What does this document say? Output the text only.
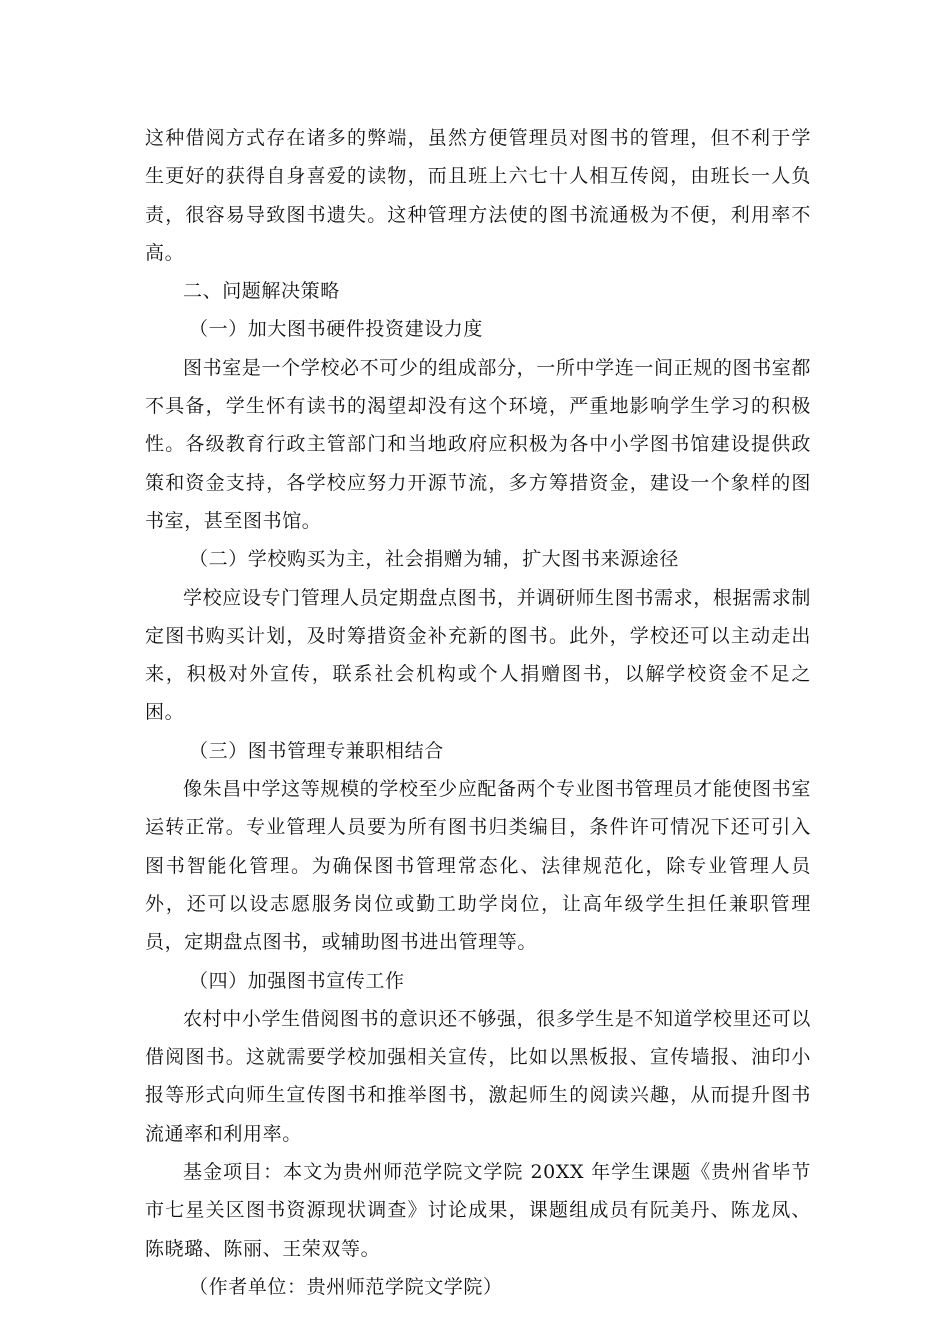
这种借阅方式存在诸多的弊端，虽然方便管理员对图书的管理，但不利于学生更好的获得自身喜爱的读物，而且班上六七十人相互传阅，由班长一人负责，很容易导致图书遗失。这种管理方法使的图书流通极为不便，利用率不高。

二、问题解决策略

（一）加大图书硬件投资建设力度

图书室是一个学校必不可少的组成部分，一所中学连一间正规的图书室都不具备，学生怀有读书的渴望却没有这个环境，严重地影响学生学习的积极性。各级教育行政主管部门和当地政府应积极为各中小学图书馆建设提供政策和资金支持，各学校应努力开源节流，多方筹措资金，建设一个象样的图书室，甚至图书馆。

（二）学校购买为主，社会捐赠为辅，扩大图书来源途径

学校应设专门管理人员定期盘点图书，并调研师生图书需求，根据需求制定图书购买计划，及时筹措资金补充新的图书。此外，学校还可以主动走出来，积极对外宣传，联系社会机构或个人捐赠图书，以解学校资金不足之困。

（三）图书管理专兼职相结合

像朱昌中学这等规模的学校至少应配备两个专业图书管理员才能使图书室运转正常。专业管理人员要为所有图书归类编目，条件许可情况下还可引入图书智能化管理。为确保图书管理常态化、法律规范化，除专业管理人员外，还可以设志愿服务岗位或勤工助学岗位，让高年级学生担任兼职管理员，定期盘点图书，或辅助图书进出管理等。

（四）加强图书宣传工作

农村中小学生借阅图书的意识还不够强，很多学生是不知道学校里还可以借阅图书。这就需要学校加强相关宣传，比如以黑板报、宣传墙报、油印小报等形式向师生宣传图书和推举图书，激起师生的阅读兴趣，从而提升图书流通率和利用率。

基金项目：本文为贵州师范学院文学院 20XX 年学生课题《贵州省毕节市七星关区图书资源现状调查》讨论成果，课题组成员有阮美丹、陈龙凤、陈晓璐、陈丽、王荣双等。

（作者单位：贵州师范学院文学院）
